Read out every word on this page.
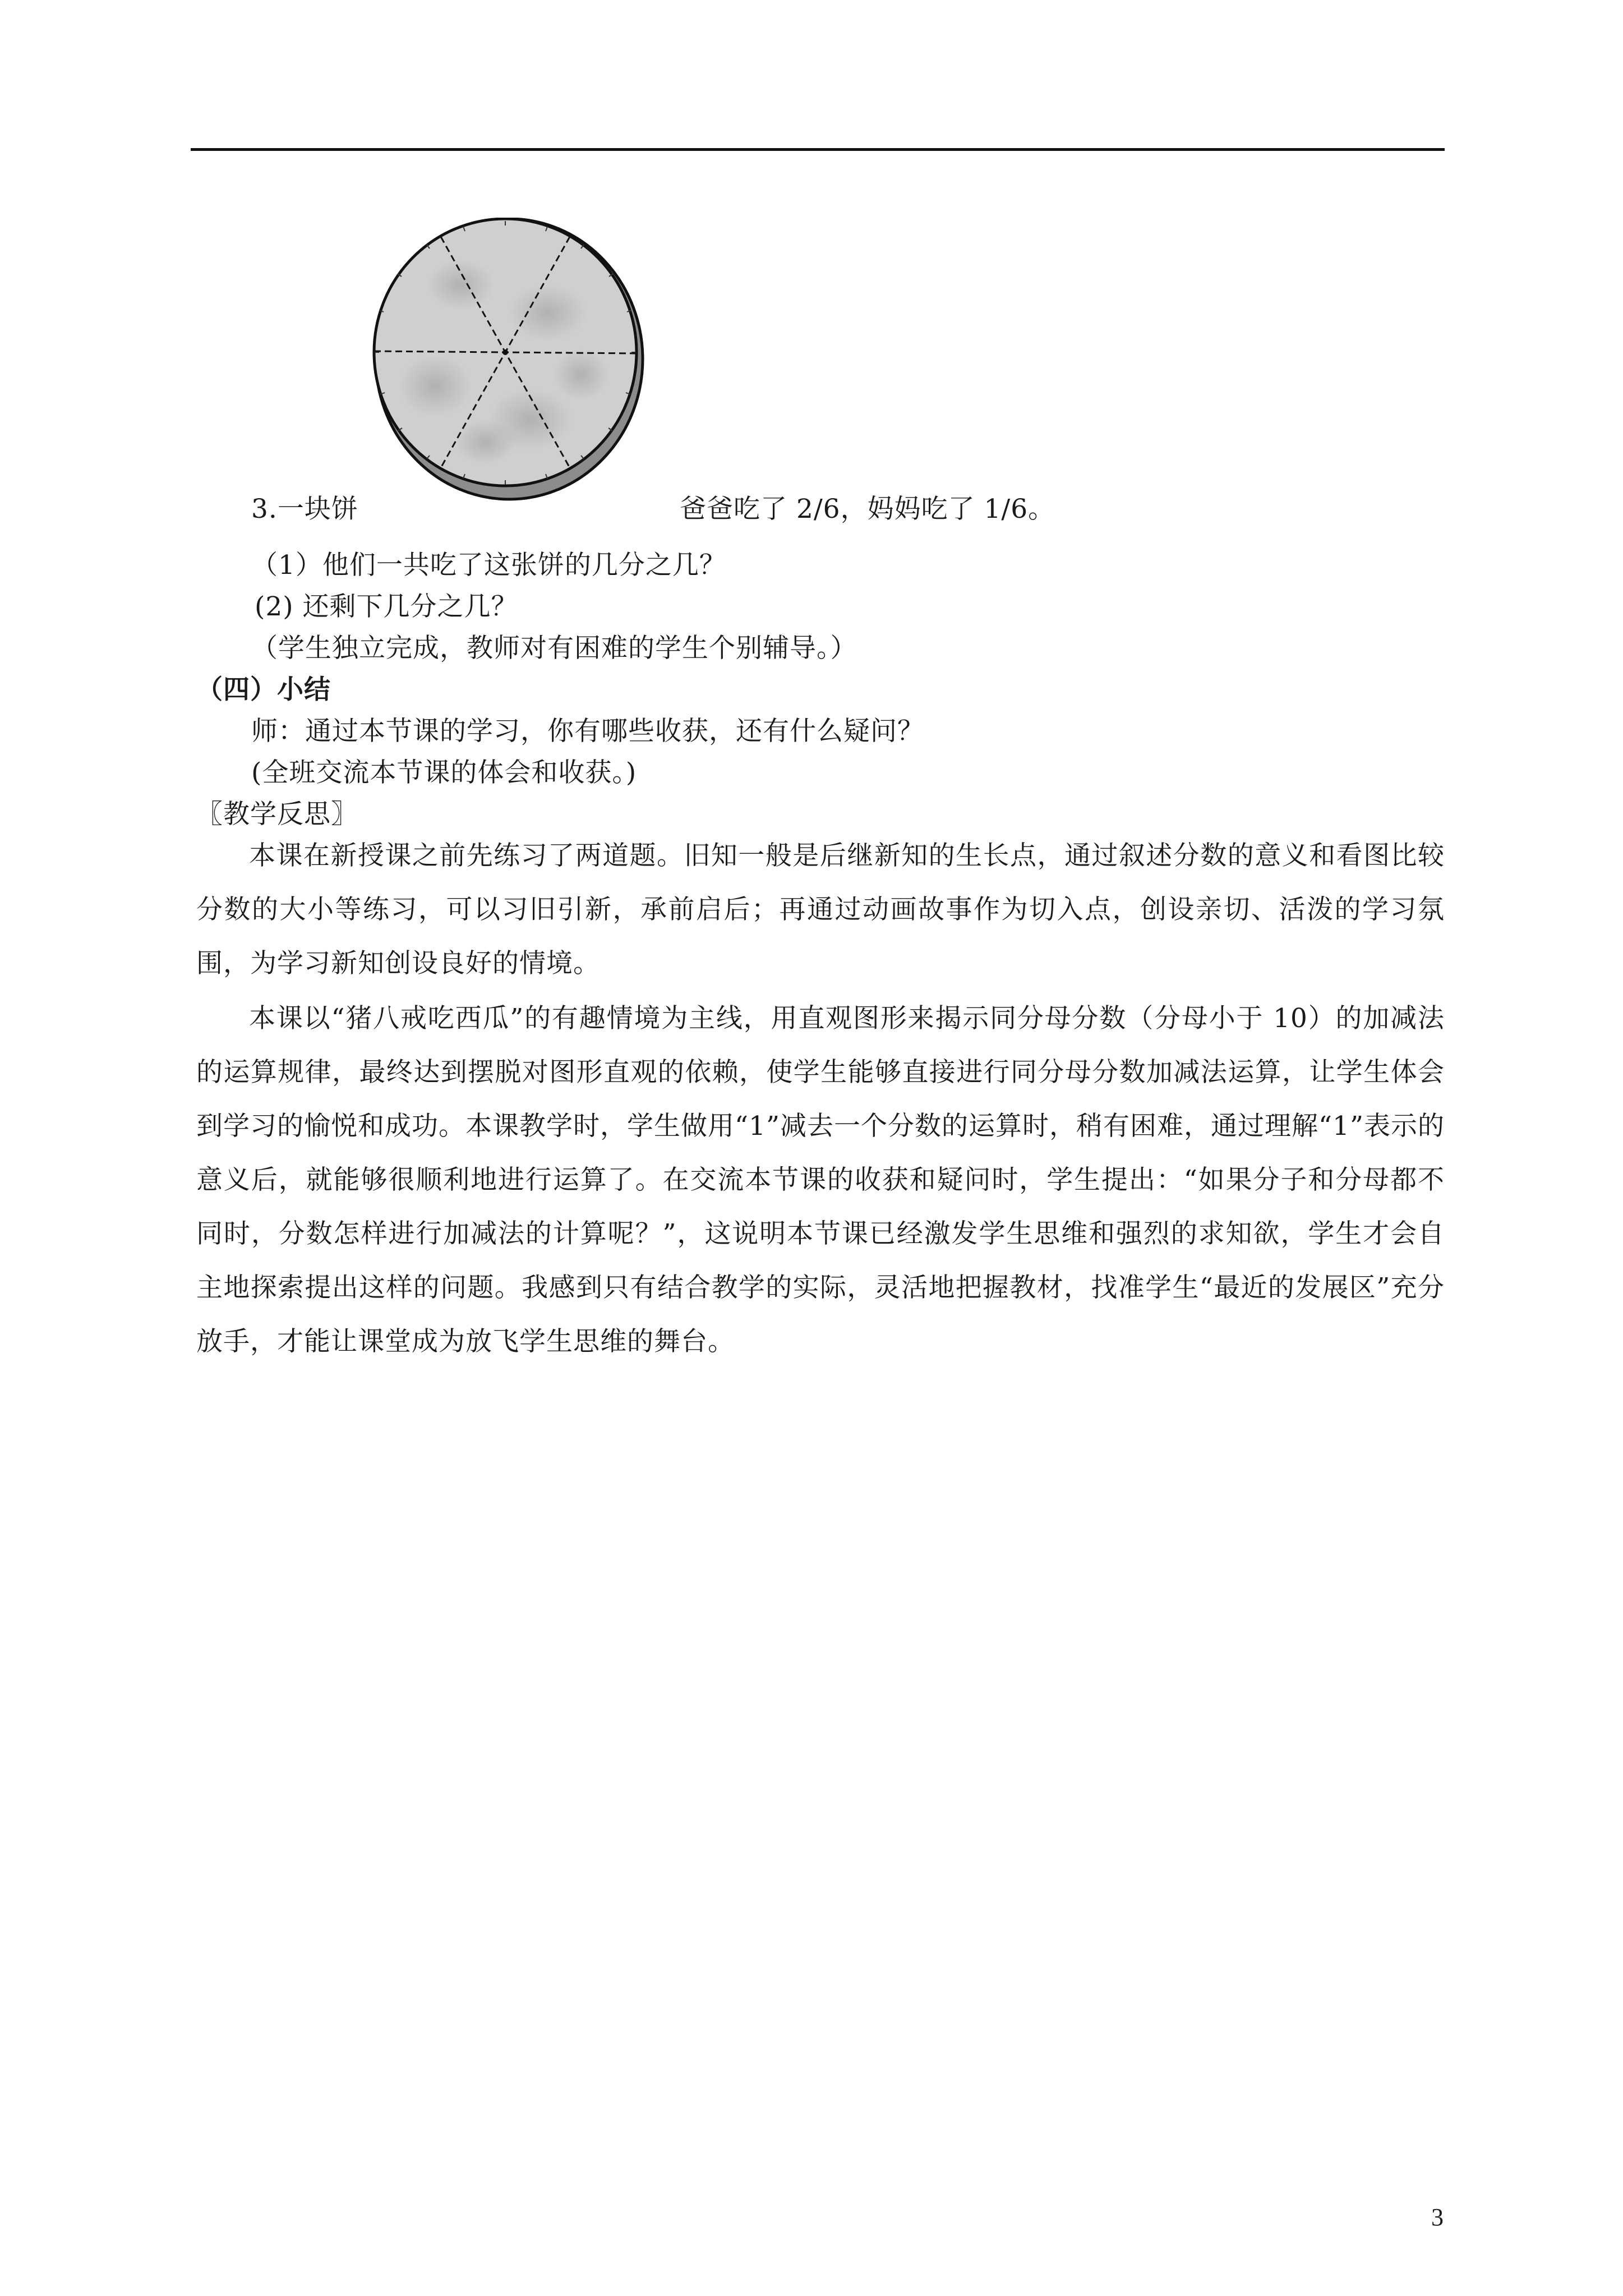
3.一块饼	爸爸吃了 2/6，妈妈吃了 1/6。
（1）他们一共吃了这张饼的几分之几？
(2) 还剩下几分之几？
（学生独立完成，教师对有困难的学生个别辅导。）
（四）小结
师：通过本节课的学习，你有哪些收获，还有什么疑问？
(全班交流本节课的体会和收获。)
〖教学反思〗

本课在新授课之前先练习了两道题。旧知一般是后继新知的生长点，通过叙述分数的意义和看图比较分数的大小等练习，可以习旧引新，承前启后；再通过动画故事作为切入点，创设亲切、活泼的学习氛围，为学习新知创设良好的情境。

本课以“猪八戒吃西瓜”的有趣情境为主线，用直观图形来揭示同分母分数（分母小于 10）的加减法的运算规律，最终达到摆脱对图形直观的依赖，使学生能够直接进行同分母分数加减法运算，让学生体会到学习的愉悦和成功。本课教学时，学生做用“1”减去一个分数的运算时，稍有困难，通过理解“1”表示的意义后，就能够很顺利地进行运算了。在交流本节课的收获和疑问时，学生提出：“如果分子和分母都不同时，分数怎样进行加减法的计算呢？”，这说明本节课已经激发学生思维和强烈的求知欲，学生才会自主地探索提出这样的问题。我感到只有结合教学的实际，灵活地把握教材，找准学生“最近的发展区”充分放手，才能让课堂成为放飞学生思维的舞台。

3
